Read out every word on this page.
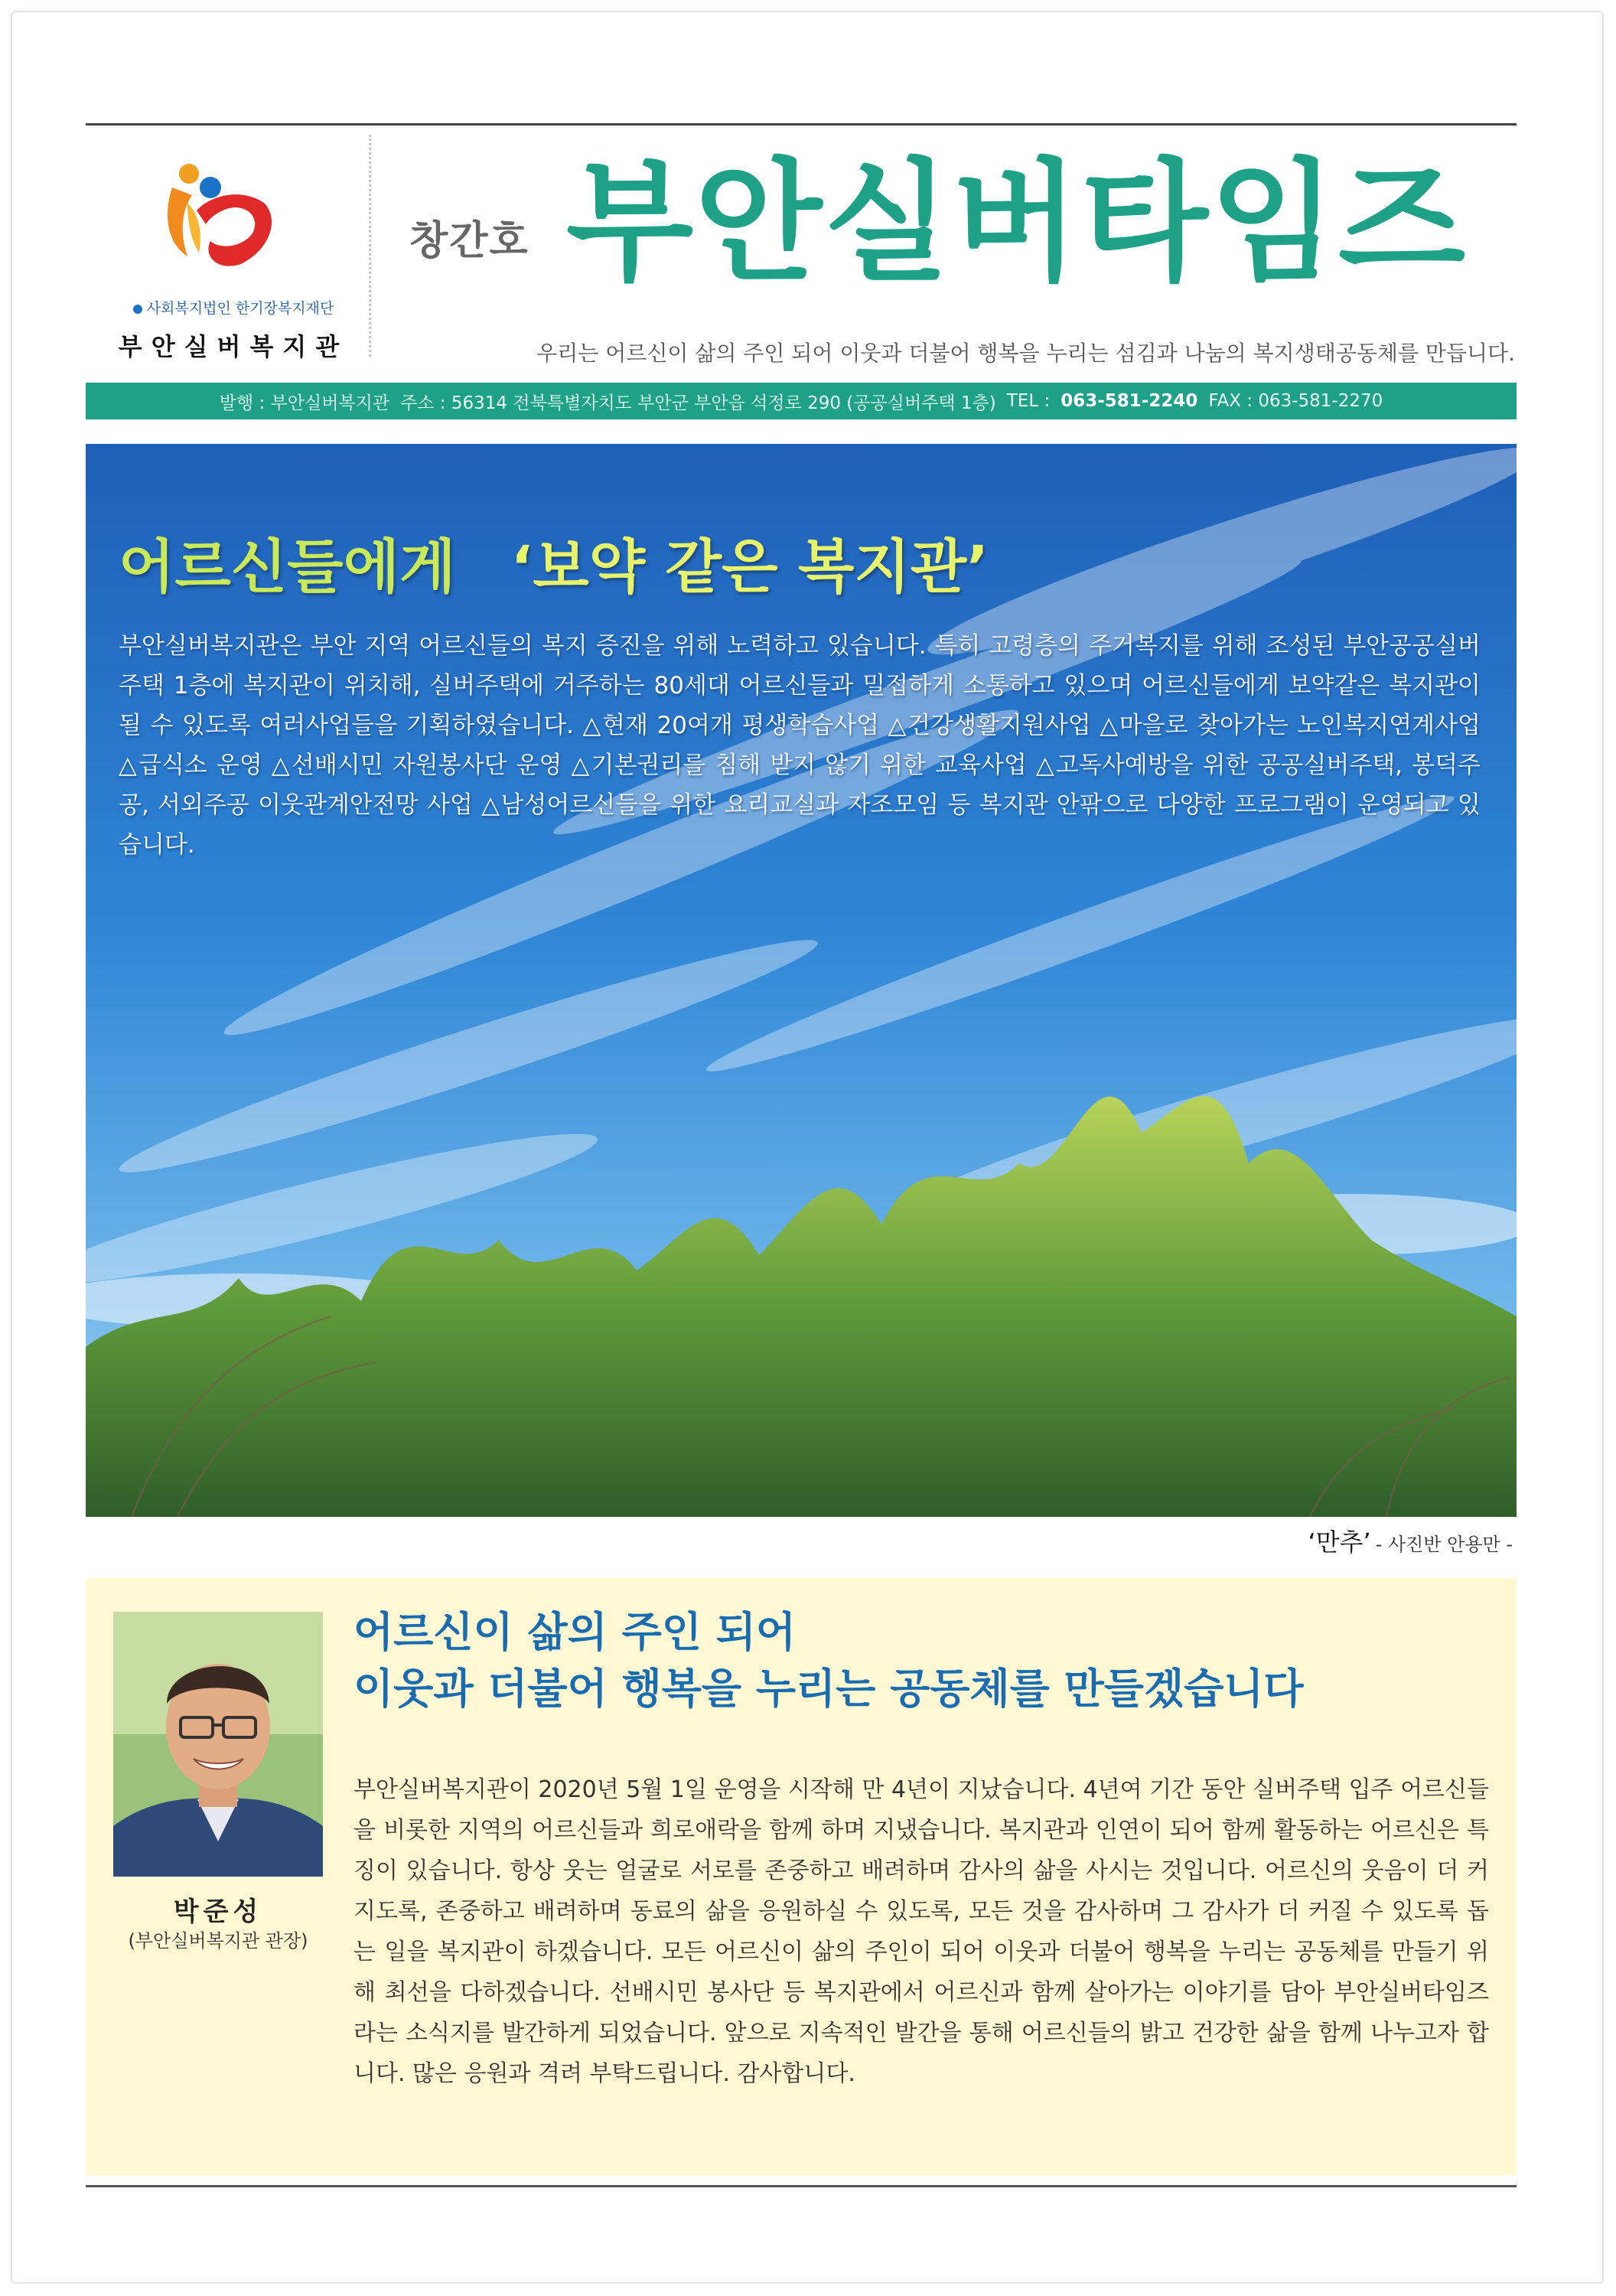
사회복지법인 한기장복지재단
부안실버복지관
창간호 부안실버타임즈
우리는 어르신이 삶의 주인 되어 이웃과 더불어 행복을 누리는 섬김과 나눔의 복지생태공동체를 만듭니다.
발행 : 부안실버복지관 주소 : 56314 전북특별자치도 부안군 부안읍 석정로 290 (공공실버주택 1층) TEL : 063-581-2240 FAX : 063-581-2270
어르신들에게 ‘보약 같은 복지관’
부안실버복지관은 부안 지역 어르신들의 복지 증진을 위해 노력하고 있습니다. 특히 고령층의 주거복지를 위해 조성된 부안공공실버주택 1층에 복지관이 위치해, 실버주택에 거주하는 80세대 어르신들과 밀접하게 소통하고 있으며 어르신들에게 보약같은 복지관이 될 수 있도록 여러사업들을 기획하였습니다. △현재 20여개 평생학습사업 △건강생활지원사업 △마을로 찾아가는 노인복지연계사업 △급식소 운영 △선배시민 자원봉사단 운영 △기본권리를 침해 받지 않기 위한 교육사업 △고독사예방을 위한 공공실버주택, 봉덕주공, 서외주공 이웃관계안전망 사업 △남성어르신들을 위한 요리교실과 자조모임 등 복지관 안팎으로 다양한 프로그램이 운영되고 있습니다.
‘만추’ - 사진반 안용만 -
박준성
(부안실버복지관 관장)
어르신이 삶의 주인 되어
이웃과 더불어 행복을 누리는 공동체를 만들겠습니다
부안실버복지관이 2020년 5월 1일 운영을 시작해 만 4년이 지났습니다. 4년여 기간 동안 실버주택 입주 어르신들을 비롯한 지역의 어르신들과 희로애락을 함께 하며 지냈습니다. 복지관과 인연이 되어 함께 활동하는 어르신은 특징이 있습니다. 항상 웃는 얼굴로 서로를 존중하고 배려하며 감사의 삶을 사시는 것입니다. 어르신의 웃음이 더 커지도록, 존중하고 배려하며 동료의 삶을 응원하실 수 있도록, 모든 것을 감사하며 그 감사가 더 커질 수 있도록 돕는 일을 복지관이 하겠습니다. 모든 어르신이 삶의 주인이 되어 이웃과 더불어 행복을 누리는 공동체를 만들기 위해 최선을 다하겠습니다. 선배시민 봉사단 등 복지관에서 어르신과 함께 살아가는 이야기를 담아 부안실버타임즈라는 소식지를 발간하게 되었습니다. 앞으로 지속적인 발간을 통해 어르신들의 밝고 건강한 삶을 함께 나누고자 합니다. 많은 응원과 격려 부탁드립니다. 감사합니다.
